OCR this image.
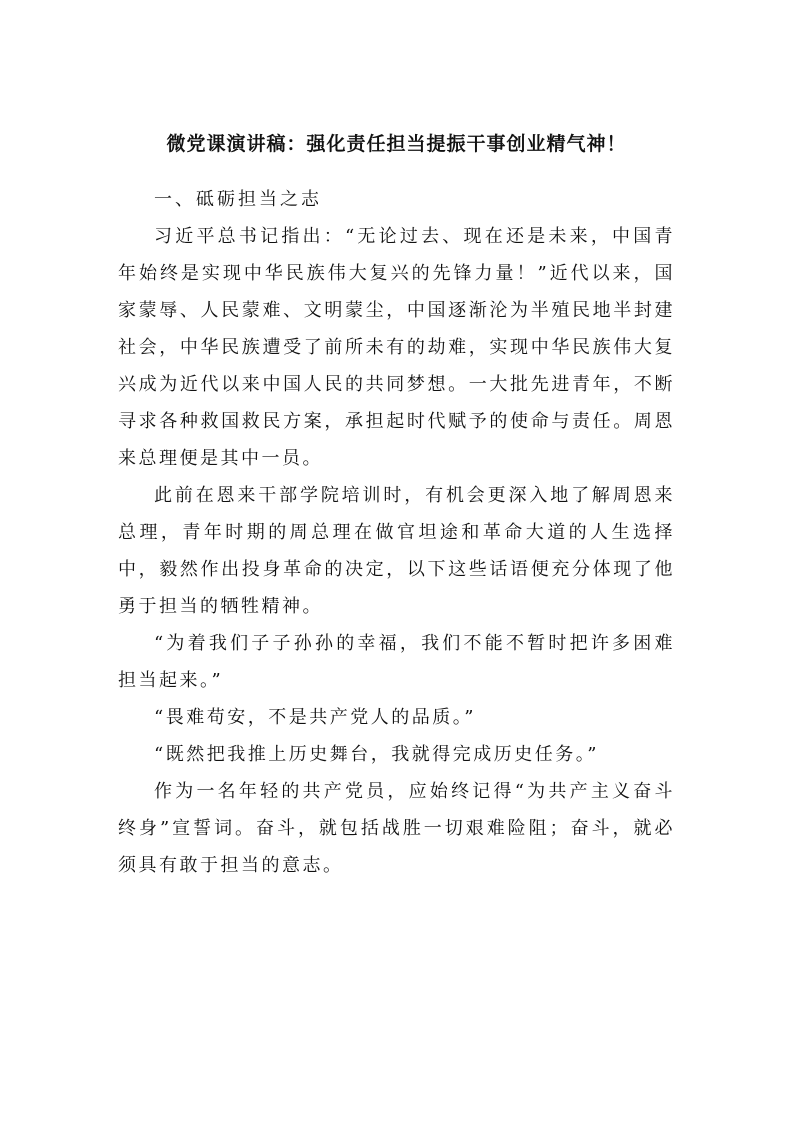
微党课演讲稿：强化责任担当提振干事创业精气神！

一、砥砺担当之志

习近平总书记指出：“无论过去、现在还是未来，中国青年始终是实现中华民族伟大复兴的先锋力量！”近代以来，国家蒙辱、人民蒙难、文明蒙尘，中国逐渐沦为半殖民地半封建社会，中华民族遭受了前所未有的劫难，实现中华民族伟大复兴成为近代以来中国人民的共同梦想。一大批先进青年，不断寻求各种救国救民方案，承担起时代赋予的使命与责任。周恩来总理便是其中一员。

此前在恩来干部学院培训时，有机会更深入地了解周恩来总理，青年时期的周总理在做官坦途和革命大道的人生选择中，毅然作出投身革命的决定，以下这些话语便充分体现了他勇于担当的牺牲精神。

“为着我们子子孙孙的幸福，我们不能不暂时把许多困难担当起来。”

“畏难苟安，不是共产党人的品质。”

“既然把我推上历史舞台，我就得完成历史任务。”

作为一名年轻的共产党员，应始终记得“为共产主义奋斗终身”宣誓词。奋斗，就包括战胜一切艰难险阻；奋斗，就必须具有敢于担当的意志。
